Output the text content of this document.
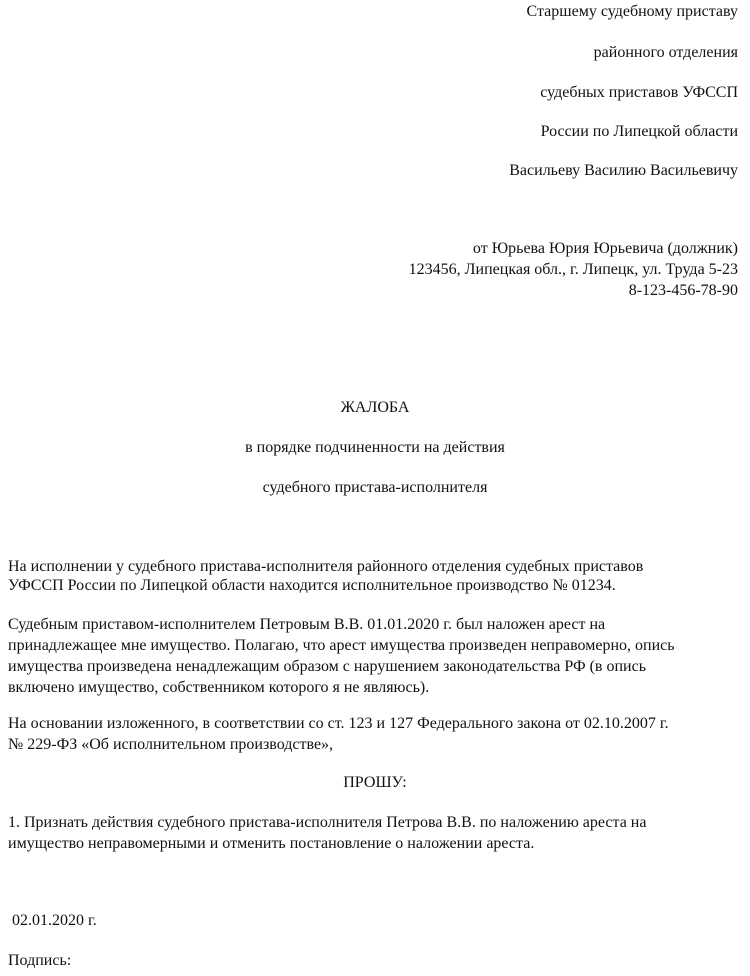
Старшему судебному приставу
районного отделения
судебных приставов УФССП
России по Липецкой области
Васильеву Василию Васильевичу
от Юрьева Юрия Юрьевича (должник)
123456, Липецкая обл., г. Липецк, ул. Труда 5-23
8-123-456-78-90
ЖАЛОБА
в порядке подчиненности на действия
судебного пристава-исполнителя
На исполнении у судебного пристава-исполнителя районного отделения судебных приставов
УФССП России по Липецкой области находится исполнительное производство № 01234.
Судебным приставом-исполнителем Петровым В.В. 01.01.2020 г. был наложен арест на
принадлежащее мне имущество. Полагаю, что арест имущества произведен неправомерно, опись
имущества произведена ненадлежащим образом с нарушением законодательства РФ (в опись
включено имущество, собственником которого я не являюсь).
На основании изложенного, в соответствии со ст. 123 и 127 Федерального закона от 02.10.2007 г.
№ 229-ФЗ «Об исполнительном производстве»,
ПРОШУ:
1. Признать действия судебного пристава-исполнителя Петрова В.В. по наложению ареста на
имущество неправомерными и отменить постановление о наложении ареста.
02.01.2020 г.
Подпись:
